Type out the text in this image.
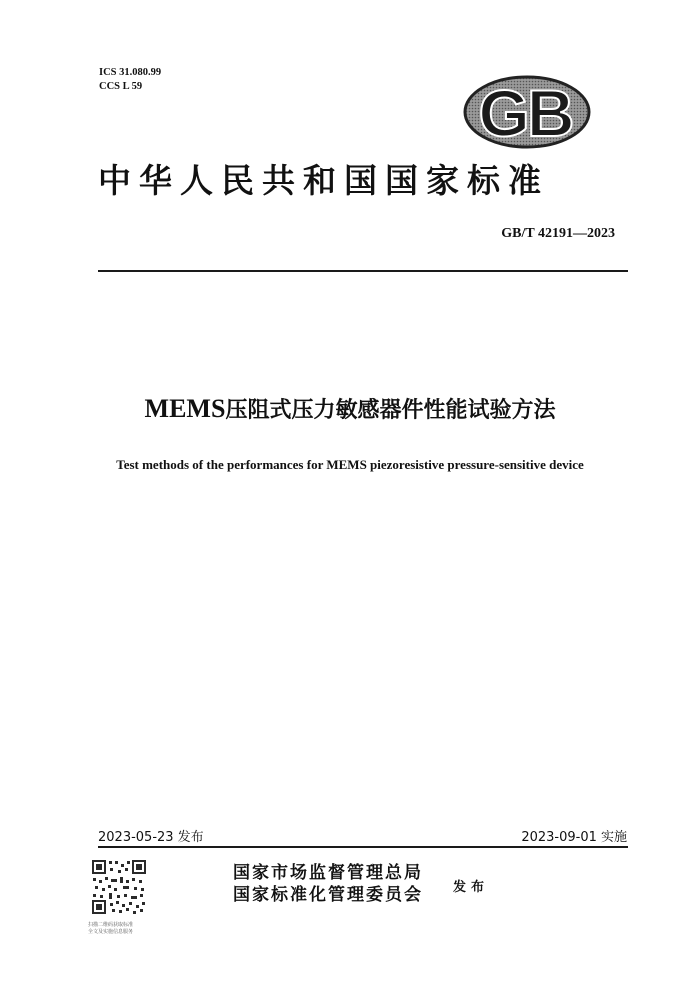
ICS 31.080.99
CCS L 59	GB
中华人民共和国国家标准
GB/T 42191—2023
MEMS压阻式压力敏感器件性能试验方法
Test methods of the performances for MEMS piezoresistive pressure-sensitive device
2023-05-23 发布	2023-09-01 实施
扫描二维码获取标准
全文及实施信息服务
国家市场监督管理总局
国家标准化管理委员会 发布
